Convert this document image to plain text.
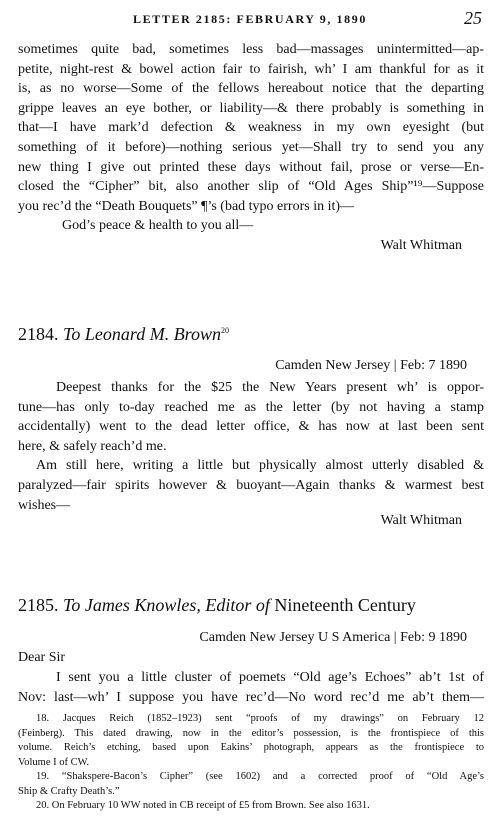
LETTER 2185: FEBRUARY 9, 1890	25
sometimes quite bad, sometimes less bad—massages unintermitted—ap-
petite, night-rest & bowel action fair to fairish, wh’ I am thankful for as it
is, as no worse—Some of the fellows hereabout notice that the departing
grippe leaves an eye bother, or liability—& there probably is something in
that—I have mark’d defection & weakness in my own eyesight (but
something of it before)—nothing serious yet—Shall try to send you any
new thing I give out printed these days without fail, prose or verse—En-
closed the “Cipher” bit, also another slip of “Old Ages Ship”¹⁹—Suppose
you rec’d the “Death Bouquets” ¶’s (bad typo errors in it)—
God’s peace & health to you all—
Walt Whitman
2184. To Leonard M. Brown$^{20}$
Camden New Jersey | Feb: 7 1890
Deepest thanks for the $25 the New Years present wh’ is oppor-
tune—has only to-day reached me as the letter (by not having a stamp
accidentally) went to the dead letter office, & has now at last been sent
here, & safely reach’d me.
Am still here, writing a little but physically almost utterly disabled &
paralyzed—fair spirits however & buoyant—Again thanks & warmest best
wishes—
Walt Whitman
2185. To James Knowles, Editor of Nineteenth Century
Camden New Jersey U S America | Feb: 9 1890
Dear Sir
I sent you a little cluster of poemets “Old age’s Echoes” ab’t 1st of
Nov: last—wh’ I suppose you have rec’d—No word rec’d me ab’t them—
18. Jacques Reich (1852–1923) sent “proofs of my drawings” on February 12
(Feinberg). This dated drawing, now in the editor’s possession, is the frontispiece of this
volume. Reich’s etching, based upon Eakins’ photograph, appears as the frontispiece to
Volume I of CW.
19. “Shakspere-Bacon’s Cipher” (see 1602) and a corrected proof of “Old Age’s
Ship & Crafty Death’s.”
20. On February 10 WW noted in CB receipt of £5 from Brown. See also 1631.
